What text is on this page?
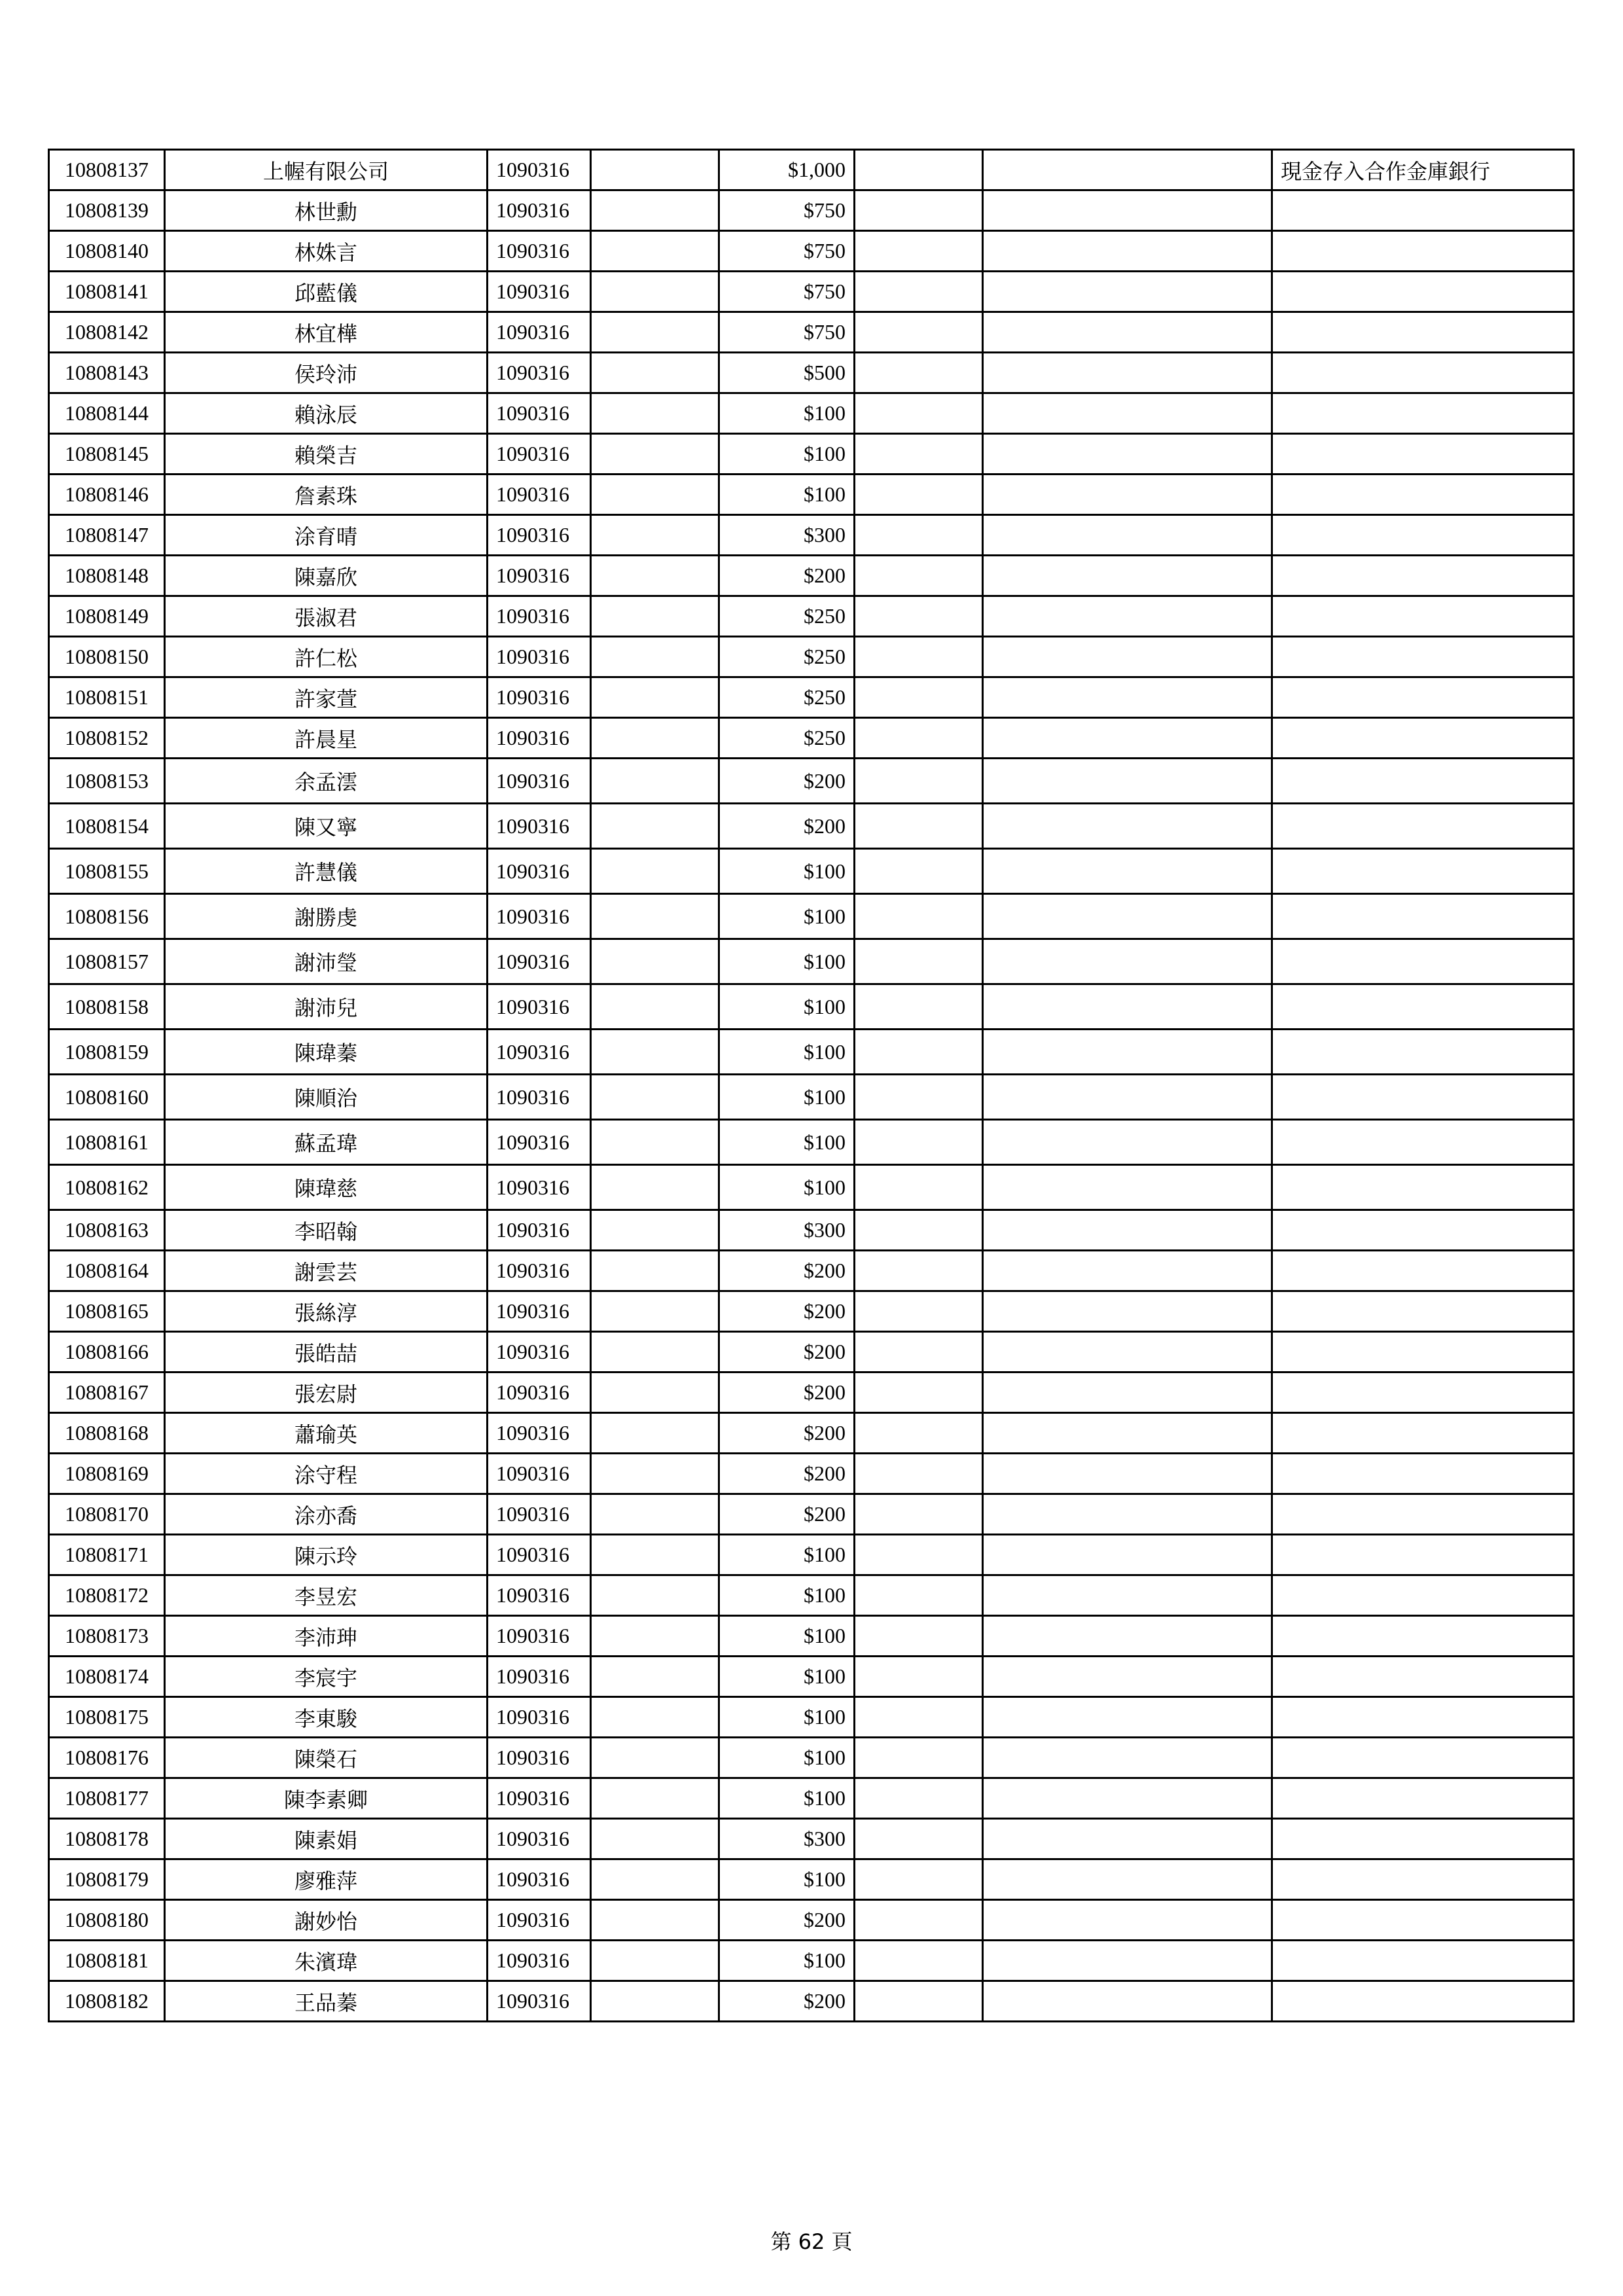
10808137	上幄有限公司	1090316		$1,000			現金存入合作金庫銀行
10808139	林世勳	1090316		$750			
10808140	林姝言	1090316		$750			
10808141	邱藍儀	1090316		$750			
10808142	林宜樺	1090316		$750			
10808143	侯玲沛	1090316		$500			
10808144	賴泳辰	1090316		$100			
10808145	賴榮吉	1090316		$100			
10808146	詹素珠	1090316		$100			
10808147	涂育晴	1090316		$300			
10808148	陳嘉欣	1090316		$200			
10808149	張淑君	1090316		$250			
10808150	許仁松	1090316		$250			
10808151	許家萱	1090316		$250			
10808152	許晨星	1090316		$250			
10808153	余孟澐	1090316		$200			
10808154	陳又寧	1090316		$200			
10808155	許慧儀	1090316		$100			
10808156	謝勝虔	1090316		$100			
10808157	謝沛瑩	1090316		$100			
10808158	謝沛兒	1090316		$100			
10808159	陳瑋蓁	1090316		$100			
10808160	陳順治	1090316		$100			
10808161	蘇孟瑋	1090316		$100			
10808162	陳瑋慈	1090316		$100			
10808163	李昭翰	1090316		$300			
10808164	謝雲芸	1090316		$200			
10808165	張絲淳	1090316		$200			
10808166	張皓喆	1090316		$200			
10808167	張宏尉	1090316		$200			
10808168	蕭瑜英	1090316		$200			
10808169	涂守程	1090316		$200			
10808170	涂亦喬	1090316		$200			
10808171	陳示玲	1090316		$100			
10808172	李昱宏	1090316		$100			
10808173	李沛珅	1090316		$100			
10808174	李宸宇	1090316		$100			
10808175	李東駿	1090316		$100			
10808176	陳榮石	1090316		$100			
10808177	陳李素卿	1090316		$100			
10808178	陳素娟	1090316		$300			
10808179	廖雅萍	1090316		$100			
10808180	謝妙怡	1090316		$200			
10808181	朱濱瑋	1090316		$100			
10808182	王品蓁	1090316		$200			
第 62 頁
